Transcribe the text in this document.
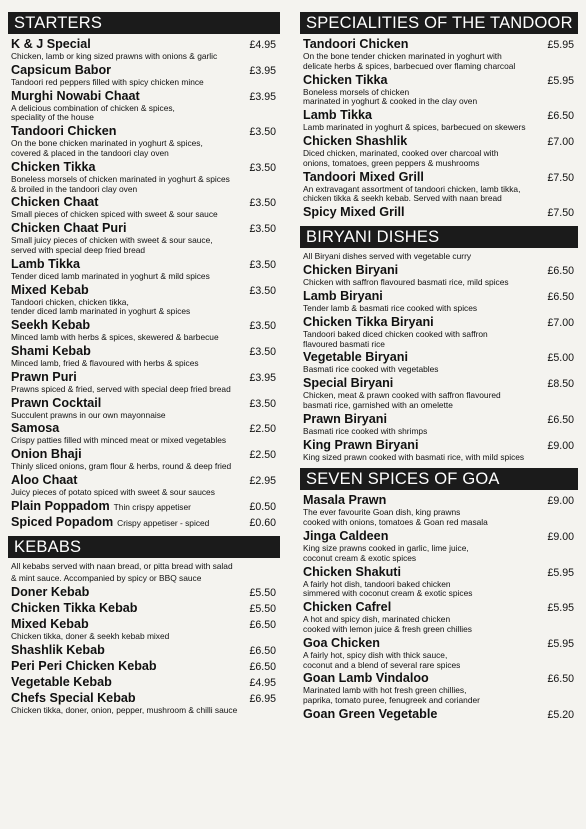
STARTERS
K & J Special	£4.95
Chicken, lamb or king sized prawns with onions & garlic
Capsicum Babor	£3.95
Tandoori red peppers filled with spicy chicken mince
Murghi Nowabi Chaat	£3.95
A delicious combination of chicken & spices,
speciality of the house
Tandoori Chicken	£3.50
On the bone chicken marinated in yoghurt & spices,
covered & placed in the tandoori clay oven
Chicken Tikka	£3.50
Boneless morsels of chicken marinated in yoghurt & spices
& broiled in the tandoori clay oven
Chicken Chaat	£3.50
Small pieces of chicken spiced with sweet & sour sauce
Chicken Chaat Puri	£3.50
Small juicy pieces of chicken with sweet & sour sauce,
served with special deep fried bread
Lamb Tikka	£3.50
Tender diced lamb marinated in yoghurt & mild spices
Mixed Kebab	£3.50
Tandoori chicken, chicken tikka,
tender diced lamb marinated in yoghurt & spices
Seekh Kebab	£3.50
Minced lamb with herbs & spices, skewered & barbecue
Shami Kebab	£3.50
Minced lamb, fried & flavoured with herbs & spices
Prawn Puri	£3.95
Prawns spiced & fried, served with special deep fried bread
Prawn Cocktail	£3.50
Succulent prawns in our own mayonnaise
Samosa	£2.50
Crispy patties filled with minced meat or mixed vegetables
Onion Bhaji	£2.50
Thinly sliced onions, gram flour & herbs, round & deep fried
Aloo Chaat	£2.95
Juicy pieces of potato spiced with sweet & sour sauces
Plain Poppadom Thin crispy appetiser	£0.50
Spiced Popadom Crispy appetiser - spiced	£0.60
KEBABS
All kebabs served with naan bread, or pitta bread with salad
& mint sauce. Accompanied by spicy or BBQ sauce
Doner Kebab	£5.50
Chicken Tikka Kebab	£5.50
Mixed Kebab	£6.50
Chicken tikka, doner & seekh kebab mixed
Shashlik Kebab	£6.50
Peri Peri Chicken Kebab	£6.50
Vegetable Kebab	£4.95
Chefs Special Kebab	£6.95
Chicken tikka, doner, onion, pepper, mushroom & chilli sauce
SPECIALITIES OF THE TANDOOR
Tandoori Chicken	£5.95
On the bone tender chicken marinated in yoghurt with
delicate herbs & spices, barbecued over flaming charcoal
Chicken Tikka	£5.95
Boneless morsels of chicken
marinated in yoghurt & cooked in the clay oven
Lamb Tikka	£6.50
Lamb marinated in yoghurt & spices, barbecued on skewers
Chicken Shashlik	£7.00
Diced chicken, marinated, cooked over charcoal with
onions, tomatoes, green peppers & mushrooms
Tandoori Mixed Grill	£7.50
An extravagant assortment of tandoori chicken, lamb tikka,
chicken tikka & seekh kebab. Served with naan bread
Spicy Mixed Grill	£7.50
BIRYANI DISHES
All Biryani dishes served with vegetable curry
Chicken Biryani	£6.50
Chicken with saffron flavoured basmati rice, mild spices
Lamb Biryani	£6.50
Tender lamb & basmati rice cooked with spices
Chicken Tikka Biryani	£7.00
Tandoori baked diced chicken cooked with saffron
flavoured basmati rice
Vegetable Biryani	£5.00
Basmati rice cooked with vegetables
Special Biryani	£8.50
Chicken, meat & prawn cooked with saffron flavoured
basmati rice, garnished with an omelette
Prawn Biryani	£6.50
Basmati rice cooked with shrimps
King Prawn Biryani	£9.00
King sized prawn cooked with basmati rice, with mild spices
SEVEN SPICES OF GOA
Masala Prawn	£9.00
The ever favourite Goan dish, king prawns
cooked with onions, tomatoes & Goan red masala
Jinga Caldeen	£9.00
King size prawns cooked in garlic, lime juice,
coconut cream & exotic spices
Chicken Shakuti	£5.95
A fairly hot dish, tandoori baked chicken
simmered with coconut cream & exotic spices
Chicken Cafrel	£5.95
A hot and spicy dish, marinated chicken
cooked with lemon juice & fresh green chillies
Goa Chicken	£5.95
A fairly hot, spicy dish with thick sauce,
coconut and a blend of several rare spices
Goan Lamb Vindaloo	£6.50
Marinated lamb with hot fresh green chillies,
paprika, tomato puree, fenugreek and coriander
Goan Green Vegetable	£5.20
